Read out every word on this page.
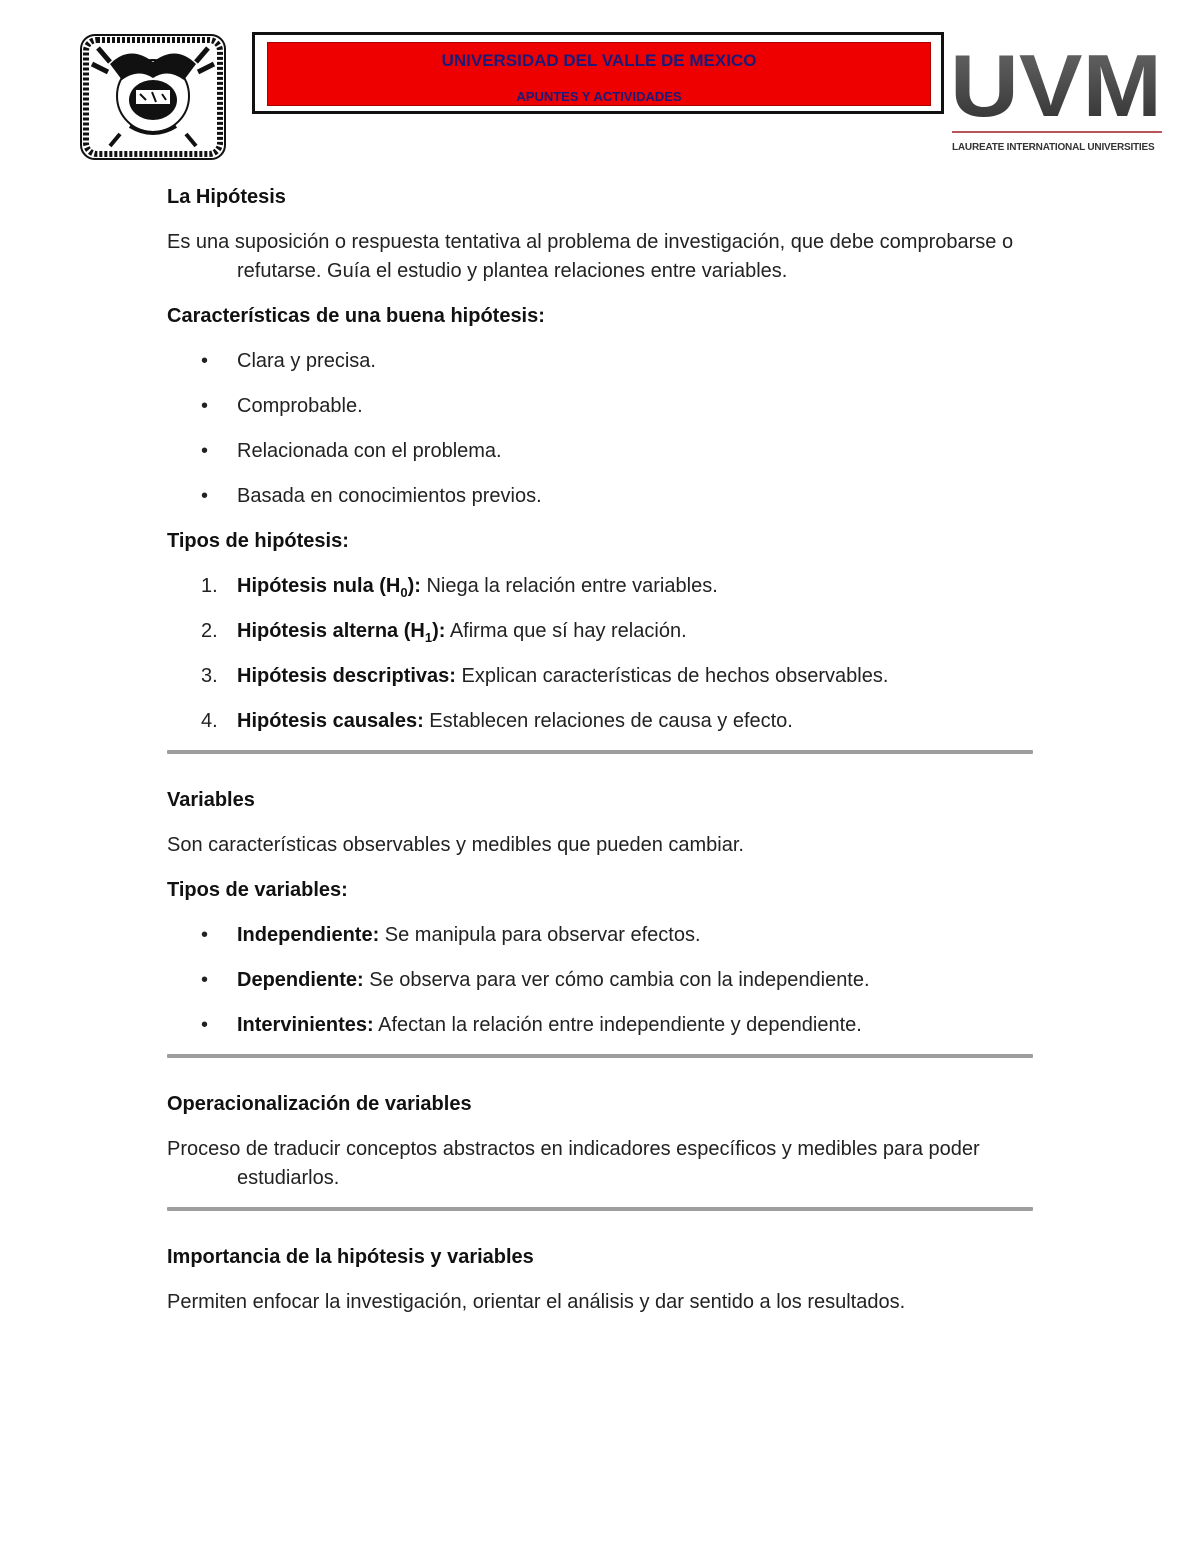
UNIVERSIDAD DEL VALLE DE MEXICO
APUNTES Y ACTIVIDADES	UVM
LAUREATE INTERNATIONAL UNIVERSITIES
La Hipótesis

Es una suposición o respuesta tentativa al problema de investigación, que debe comprobarse o refutarse. Guía el estudio y plantea relaciones entre variables.

Características de una buena hipótesis:
• Clara y precisa.
• Comprobable.
• Relacionada con el problema.
• Basada en conocimientos previos.
Tipos de hipótesis:
1. Hipótesis nula $(H_0)$: Niega la relación entre variables.
2. Hipótesis alterna $(H_1)$: Afirma que sí hay relación.
3. Hipótesis descriptivas: Explican características de hechos observables.
4. Hipótesis causales: Establecen relaciones de causa y efecto.
Variables

Son características observables y medibles que pueden cambiar.

Tipos de variables:
• Independiente: Se manipula para observar efectos.
• Dependiente: Se observa para ver cómo cambia con la independiente.
• Intervinientes: Afectan la relación entre independiente y dependiente.
Operacionalización de variables

Proceso de traducir conceptos abstractos en indicadores específicos y medibles para poder estudiarlos.

Importancia de la hipótesis y variables

Permiten enfocar la investigación, orientar el análisis y dar sentido a los resultados.
